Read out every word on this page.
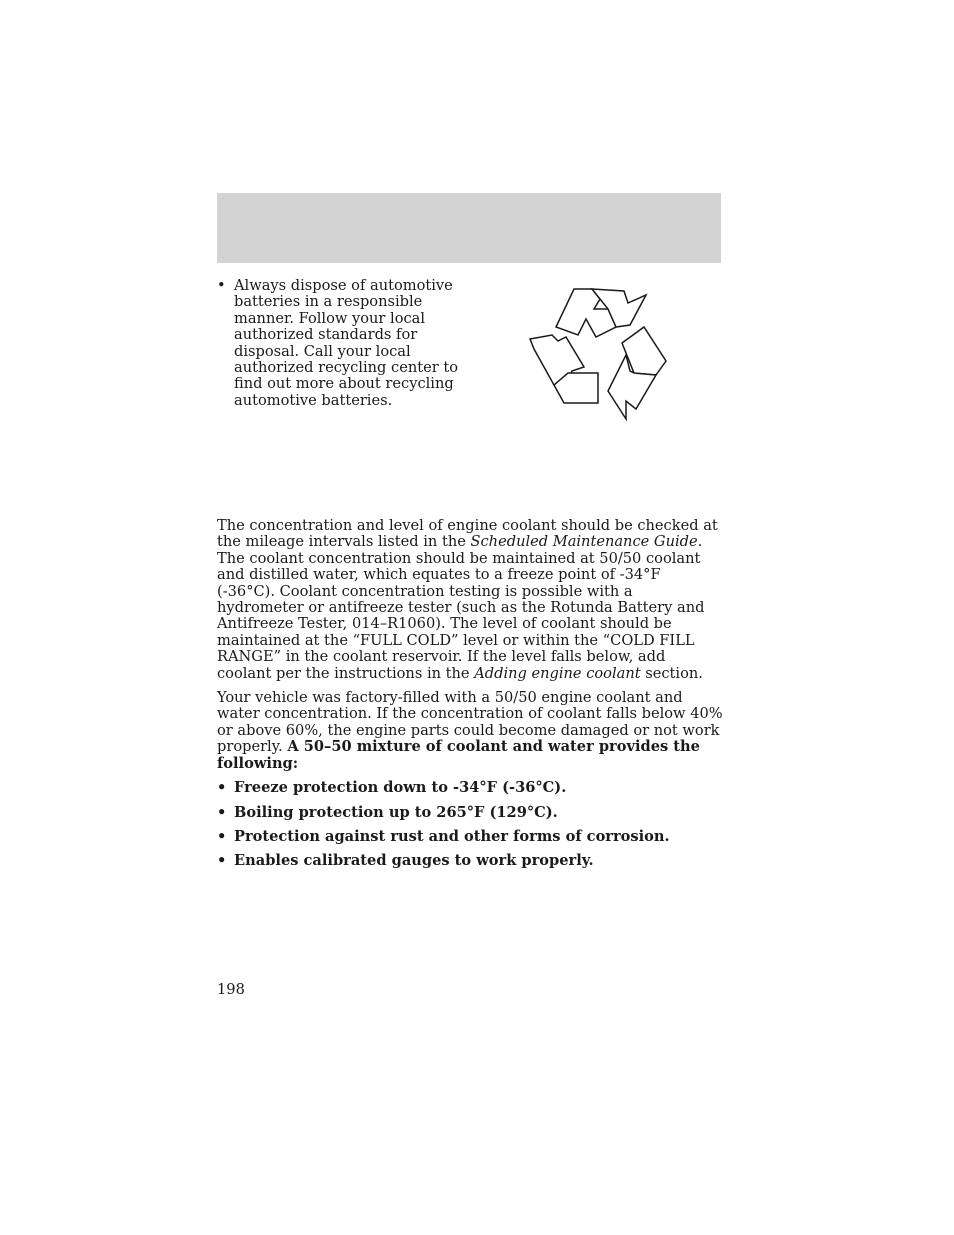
• Always dispose of automotive batteries in a responsible manner. Follow your local authorized standards for disposal. Call your local authorized recycling center to find out more about recycling automotive batteries.

The concentration and level of engine coolant should be checked at the mileage intervals listed in the Scheduled Maintenance Guide. The coolant concentration should be maintained at 50/50 coolant and distilled water, which equates to a freeze point of -34°F (-36°C). Coolant concentration testing is possible with a hydrometer or antifreeze tester (such as the Rotunda Battery and Antifreeze Tester, 014–R1060). The level of coolant should be maintained at the “FULL COLD” level or within the “COLD FILL RANGE” in the coolant reservoir. If the level falls below, add coolant per the instructions in the Adding engine coolant section.

Your vehicle was factory-filled with a 50/50 engine coolant and water concentration. If the concentration of coolant falls below 40% or above 60%, the engine parts could become damaged or not work properly. A 50–50 mixture of coolant and water provides the following:

• Freeze protection down to -34°F (-36°C).
• Boiling protection up to 265°F (129°C).
• Protection against rust and other forms of corrosion.
• Enables calibrated gauges to work properly.
198
